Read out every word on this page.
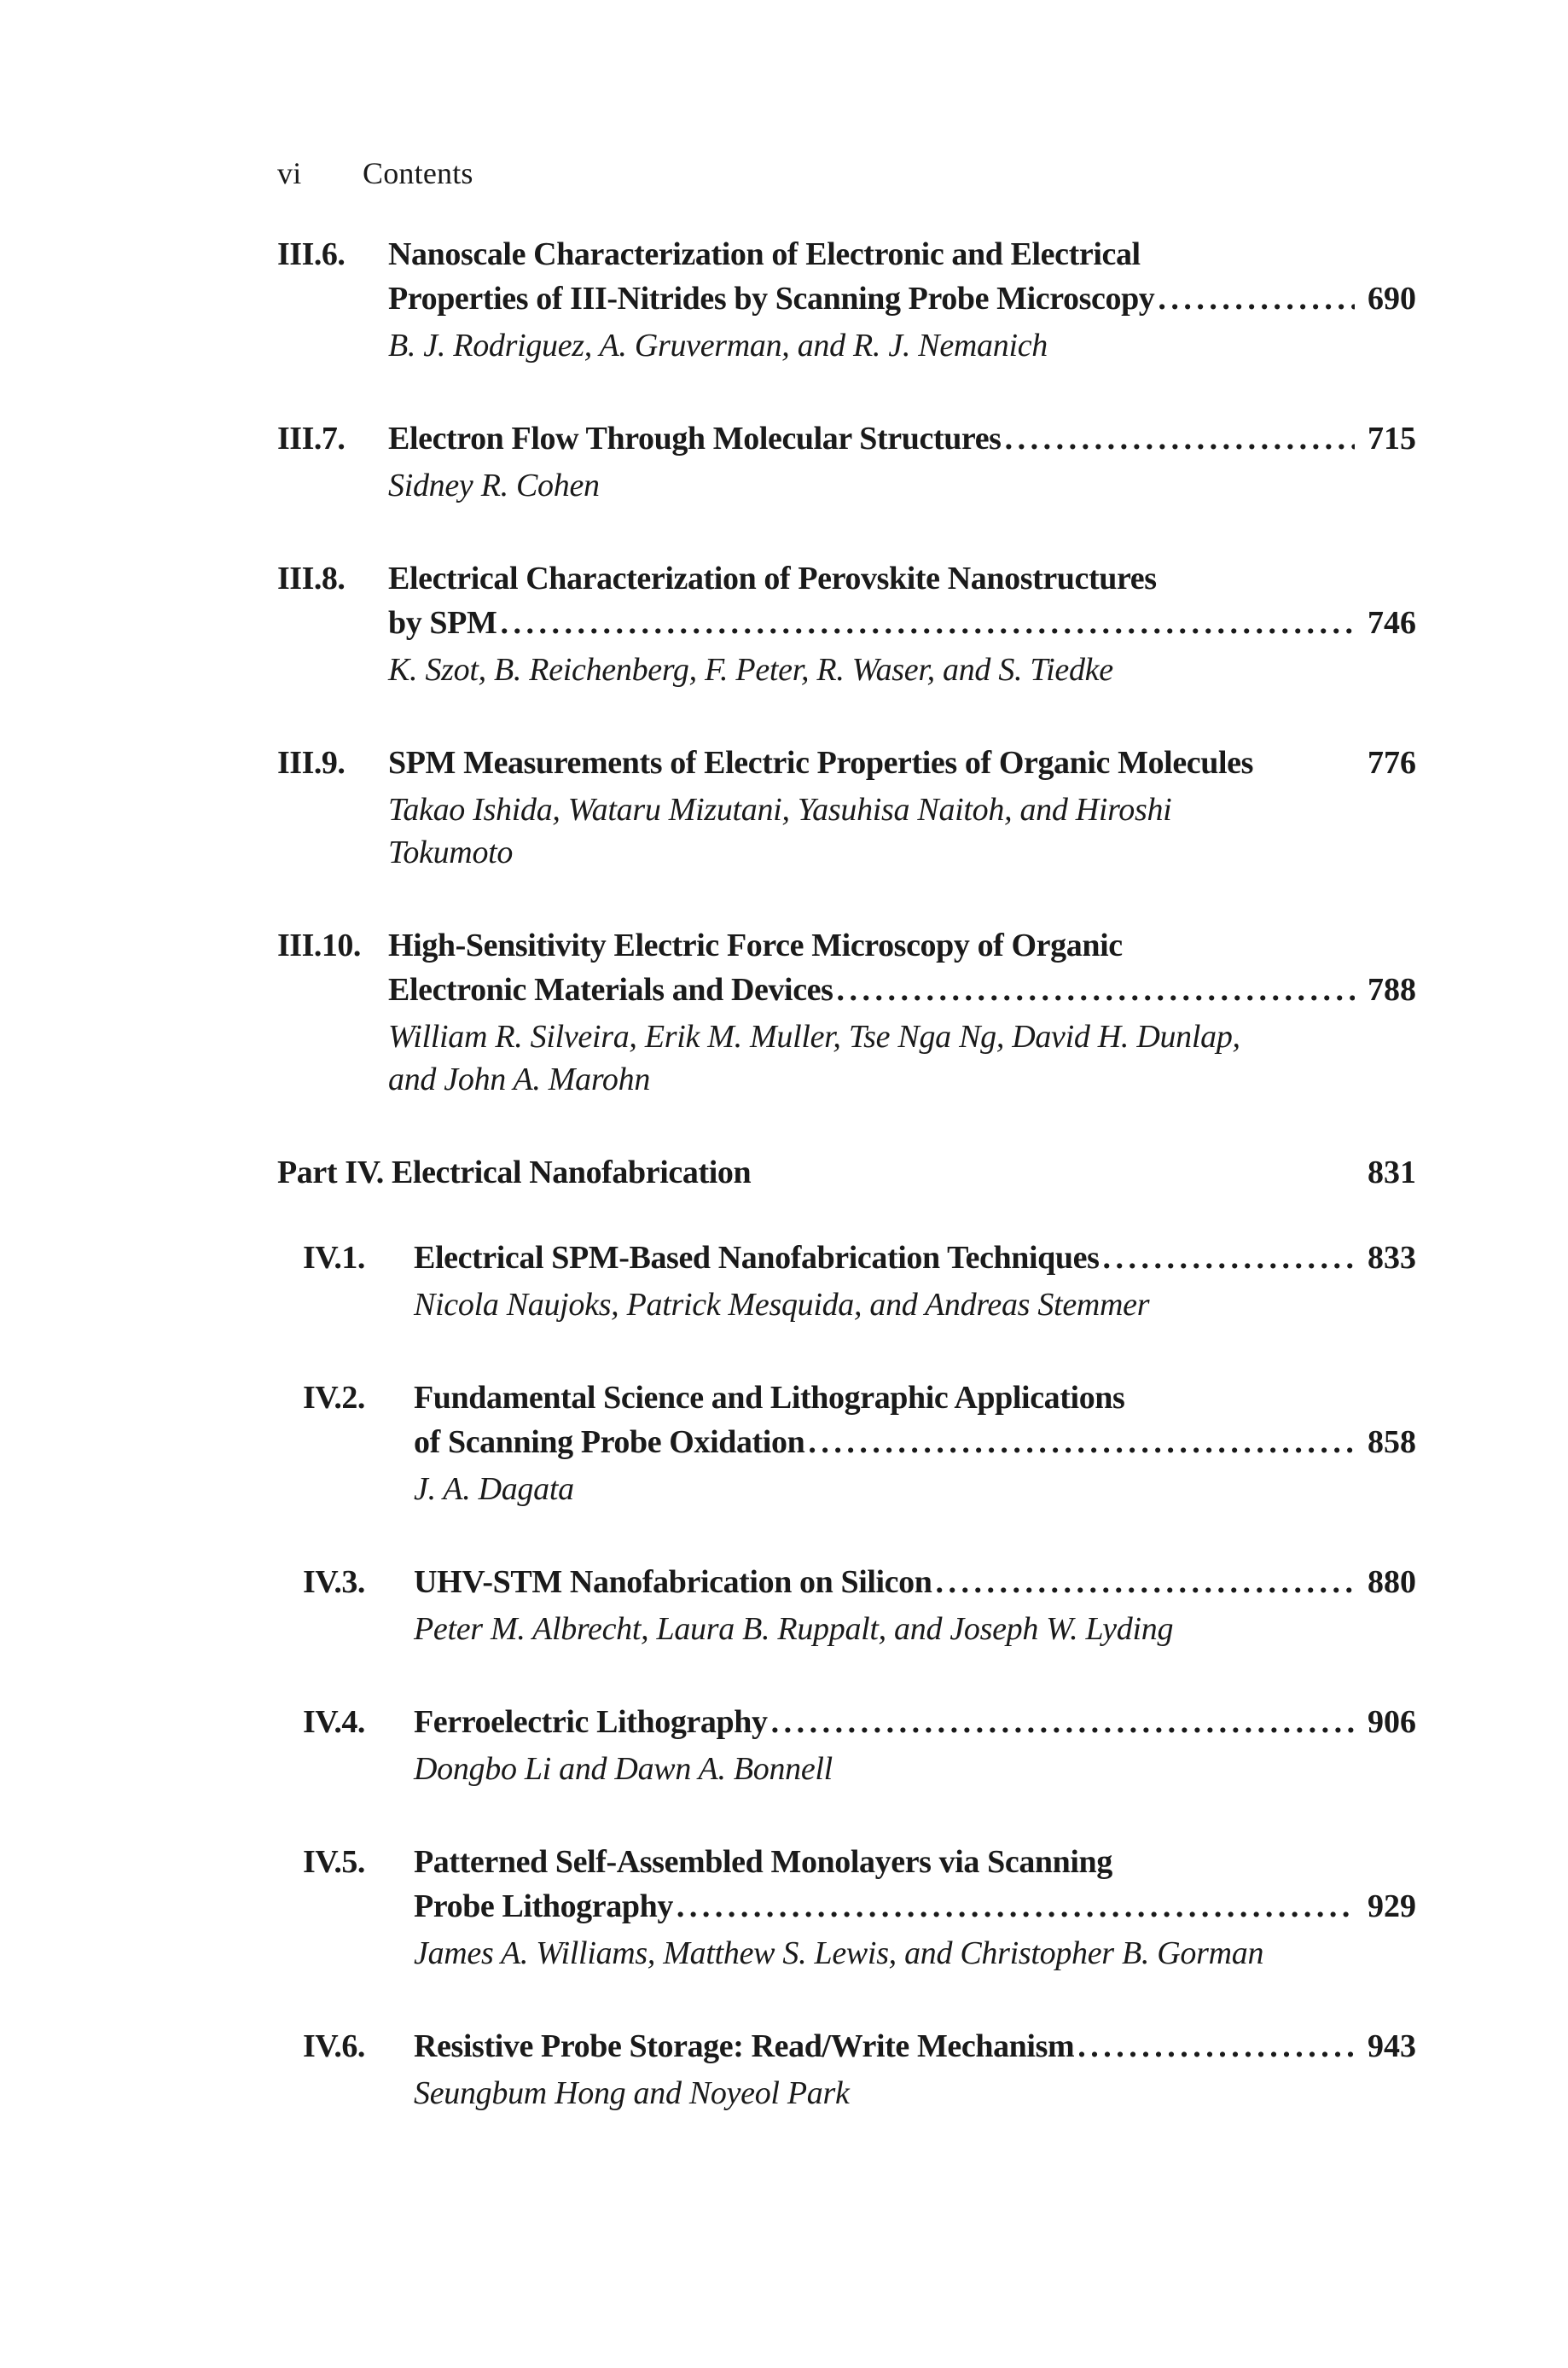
vi Contents
III.6.	Nanoscale Characterization of Electronic and Electrical
Properties of III-Nitrides by Scanning Probe Microscopy . . .	690
B. J. Rodriguez, A. Gruverman, and R. J. Nemanich
III.7.	Electron Flow Through Molecular Structures . . .	715
Sidney R. Cohen
III.8.	Electrical Characterization of Perovskite Nanostructures
by SPM . . .	746
K. Szot, B. Reichenberg, F. Peter, R. Waser, and S. Tiedke
III.9.	SPM Measurements of Electric Properties of Organic Molecules	776
Takao Ishida, Wataru Mizutani, Yasuhisa Naitoh, and Hiroshi
Tokumoto
III.10. High-Sensitivity Electric Force Microscopy of Organic
Electronic Materials and Devices . . .	788
William R. Silveira, Erik M. Muller, Tse Nga Ng, David H. Dunlap,
and John A. Marohn
Part IV. Electrical Nanofabrication	831
IV.1.	Electrical SPM-Based Nanofabrication Techniques . . .	833
Nicola Naujoks, Patrick Mesquida, and Andreas Stemmer
IV.2.	Fundamental Science and Lithographic Applications
of Scanning Probe Oxidation . . .	858
J. A. Dagata
IV.3.	UHV-STM Nanofabrication on Silicon . . .	880
Peter M. Albrecht, Laura B. Ruppalt, and Joseph W. Lyding
IV.4.	Ferroelectric Lithography . . .	906
Dongbo Li and Dawn A. Bonnell
IV.5.	Patterned Self-Assembled Monolayers via Scanning
Probe Lithography . . .	929
James A. Williams, Matthew S. Lewis, and Christopher B. Gorman
IV.6.	Resistive Probe Storage: Read/Write Mechanism . . .	943
Seungbum Hong and Noyeol Park
